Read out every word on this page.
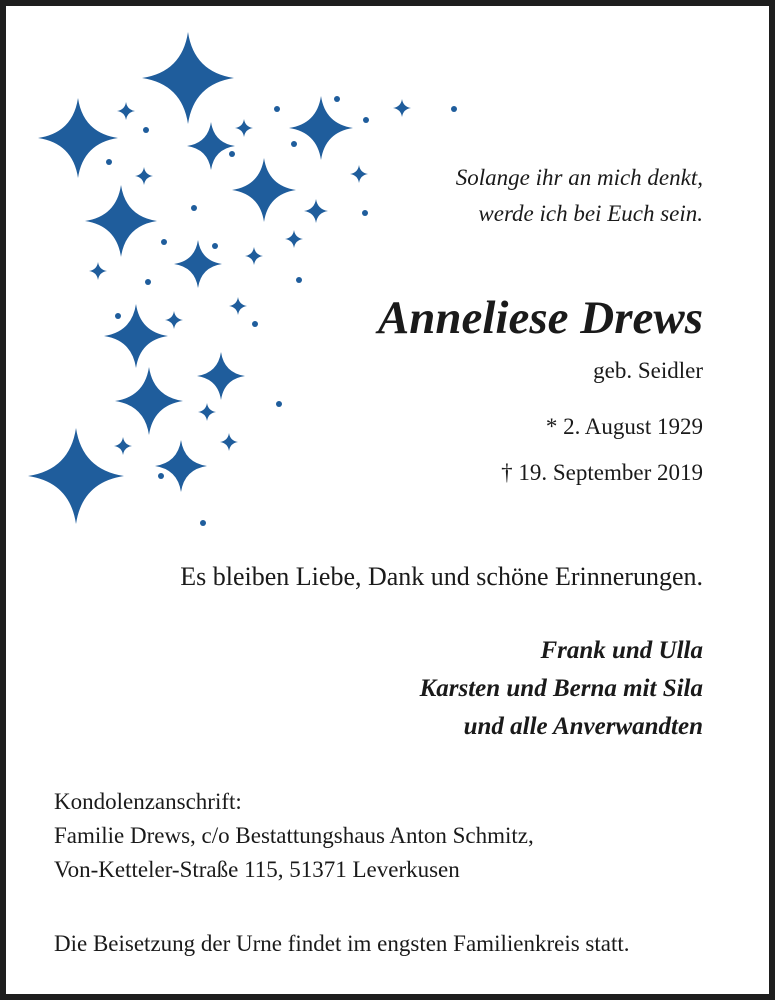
Solange ihr an mich denkt,
werde ich bei Euch sein.
Anneliese Drews
geb. Seidler
* 2. August 1929
† 19. September 2019
Es bleiben Liebe, Dank und schöne Erinnerungen.
Frank und Ulla
Karsten und Berna mit Sila
und alle Anverwandten
Kondolenzanschrift:
Familie Drews, c/o Bestattungshaus Anton Schmitz,
Von-Ketteler-Straße 115, 51371 Leverkusen
Die Beisetzung der Urne findet im engsten Familienkreis statt.
